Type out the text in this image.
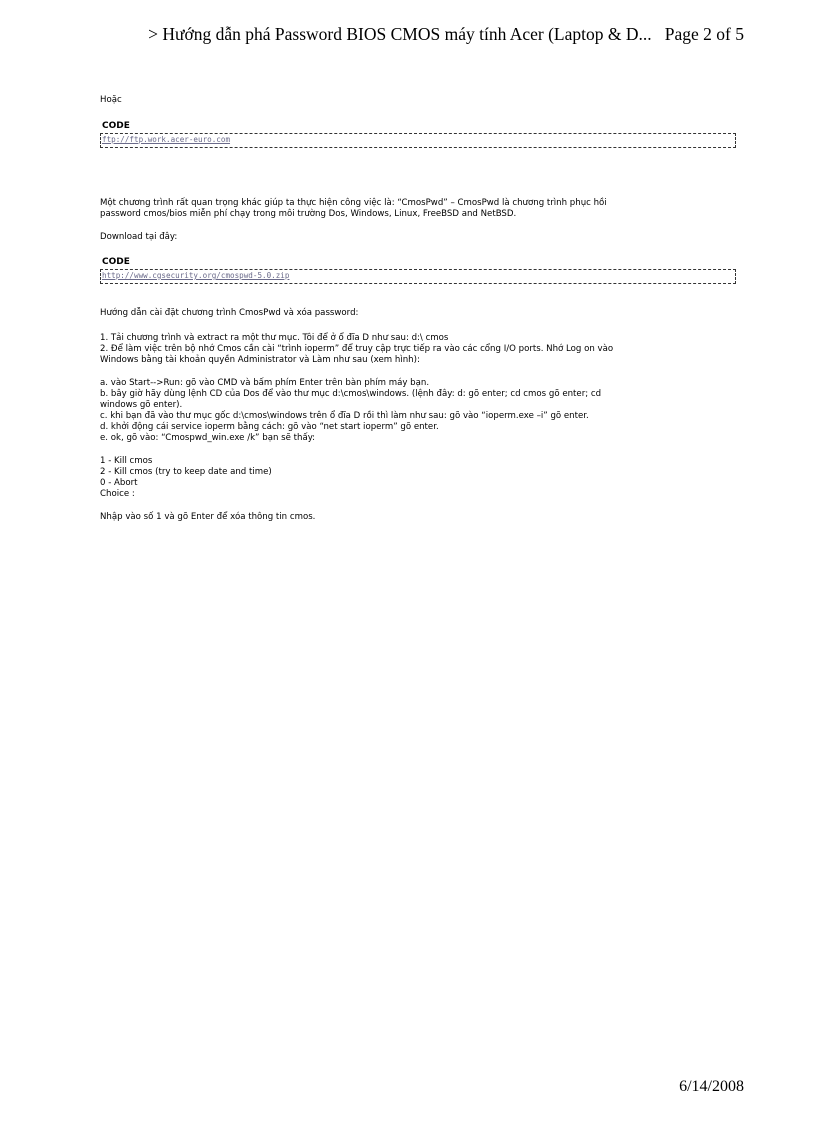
> Hướng dẫn phá Password BIOS CMOS máy tính Acer (Laptop & D... Page 2 of 5

Hoặc

CODE
ftp://ftp.work.acer-euro.com

Một chương trình rất quan trọng khác giúp ta thực hiện công việc là: “CmosPwd” – CmosPwd là chương trình phục hồi
password cmos/bios miễn phí chạy trong môi trường Dos, Windows, Linux, FreeBSD and NetBSD.

Download tại đây:

CODE
http://www.cgsecurity.org/cmospwd-5.0.zip

Hướng dẫn cài đặt chương trình CmosPwd và xóa password:

1. Tải chương trình và extract ra một thư mục. Tôi để ở ổ đĩa D như sau: d:\ cmos

2. Để làm việc trên bộ nhớ Cmos cần cài “trình ioperm” để truy cập trực tiếp ra vào các cổng I/O ports. Nhớ Log on vào
Windows bằng tài khoản quyền Administrator và Làm như sau (xem hình):

a. vào Start-->Run: gõ vào CMD và bấm phím Enter trên bàn phím máy bạn.

b. bây giờ hãy dùng lệnh CD của Dos để vào thư mục d:\cmos\windows. (lệnh đây: d: gõ enter; cd cmos gõ enter; cd
windows gõ enter).

c. khi bạn đã vào thư mục gốc d:\cmos\windows trên ổ đĩa D rồi thì làm như sau: gõ vào “ioperm.exe –i” gõ enter.

d. khởi động cái service ioperm bằng cách: gõ vào “net start ioperm” gõ enter.

e. ok, gõ vào: “Cmospwd_win.exe /k” bạn sẽ thấy:

1 - Kill cmos

2 - Kill cmos (try to keep date and time)

0 - Abort

Choice :

Nhập vào số 1 và gõ Enter để xóa thông tin cmos.

6/14/2008
